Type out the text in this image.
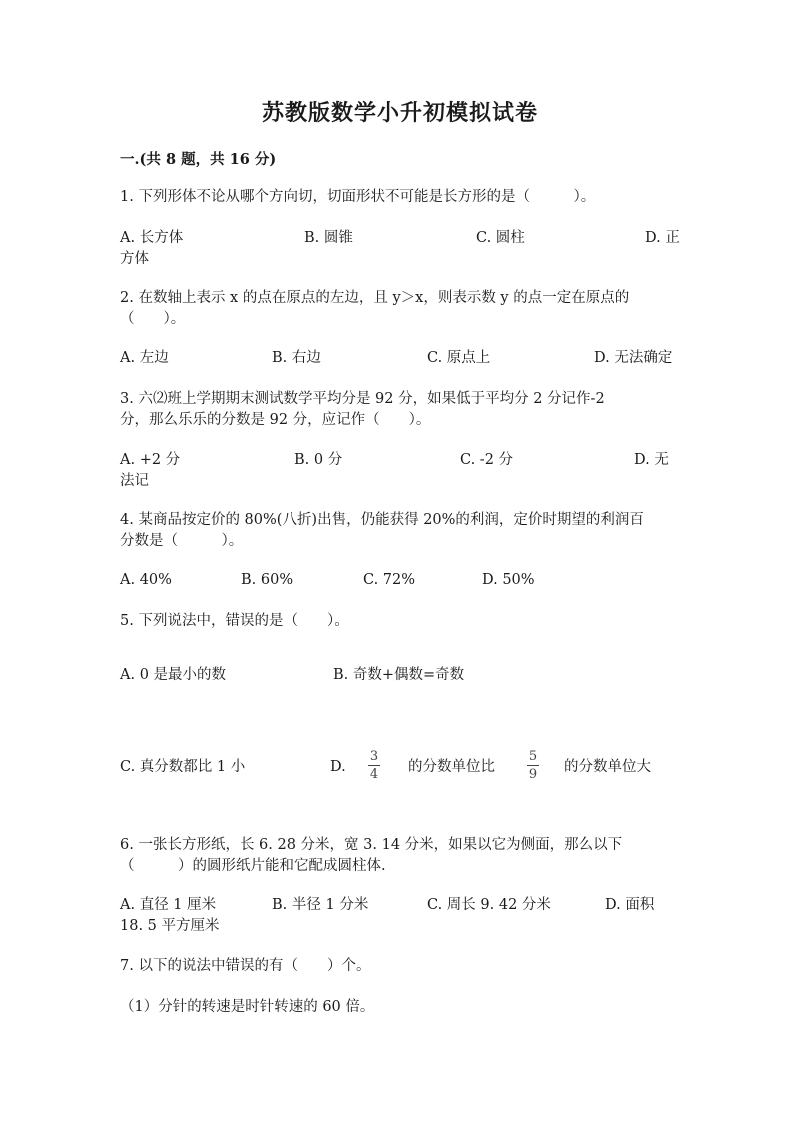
苏教版数学小升初模拟试卷
一.(共 8 题，共 16 分)
1. 下列形体不论从哪个方向切，切面形状不可能是长方形的是（　　　）。
A. 长方体	B. 圆锥	C. 圆柱	D. 正
方体
2. 在数轴上表示 x 的点在原点的左边，且 y＞x，则表示数 y 的点一定在原点的
（　　）。
A. 左边	B. 右边	C. 原点上	D. 无法确定
3. 六⑵班上学期期末测试数学平均分是 92 分，如果低于平均分 2 分记作-2
分，那么乐乐的分数是 92 分，应记作（　　）。
A. +2 分	B. 0 分	C. -2 分	D. 无
法记
4. 某商品按定价的 80%(八折)出售，仍能获得 20%的利润，定价时期望的利润百
分数是（　　　）。
A. 40%	B. 60%	C. 72%	D. 50%
5. 下列说法中，错误的是（　　）。
A. 0 是最小的数	B. 奇数+偶数=奇数
C. 真分数都比 1 小	D.
3
4 的分数单位比
5
9 的分数单位大
6. 一张长方形纸，长 6. 28 分米，宽 3. 14 分米，如果以它为侧面，那么以下
（　　　）的圆形纸片能和它配成圆柱体.
A. 直径 1 厘米	B. 半径 1 分米	C. 周长 9. 42 分米	D. 面积
18. 5 平方厘米
7. 以下的说法中错误的有（　　）个。
（1）分针的转速是时针转速的 60 倍。
